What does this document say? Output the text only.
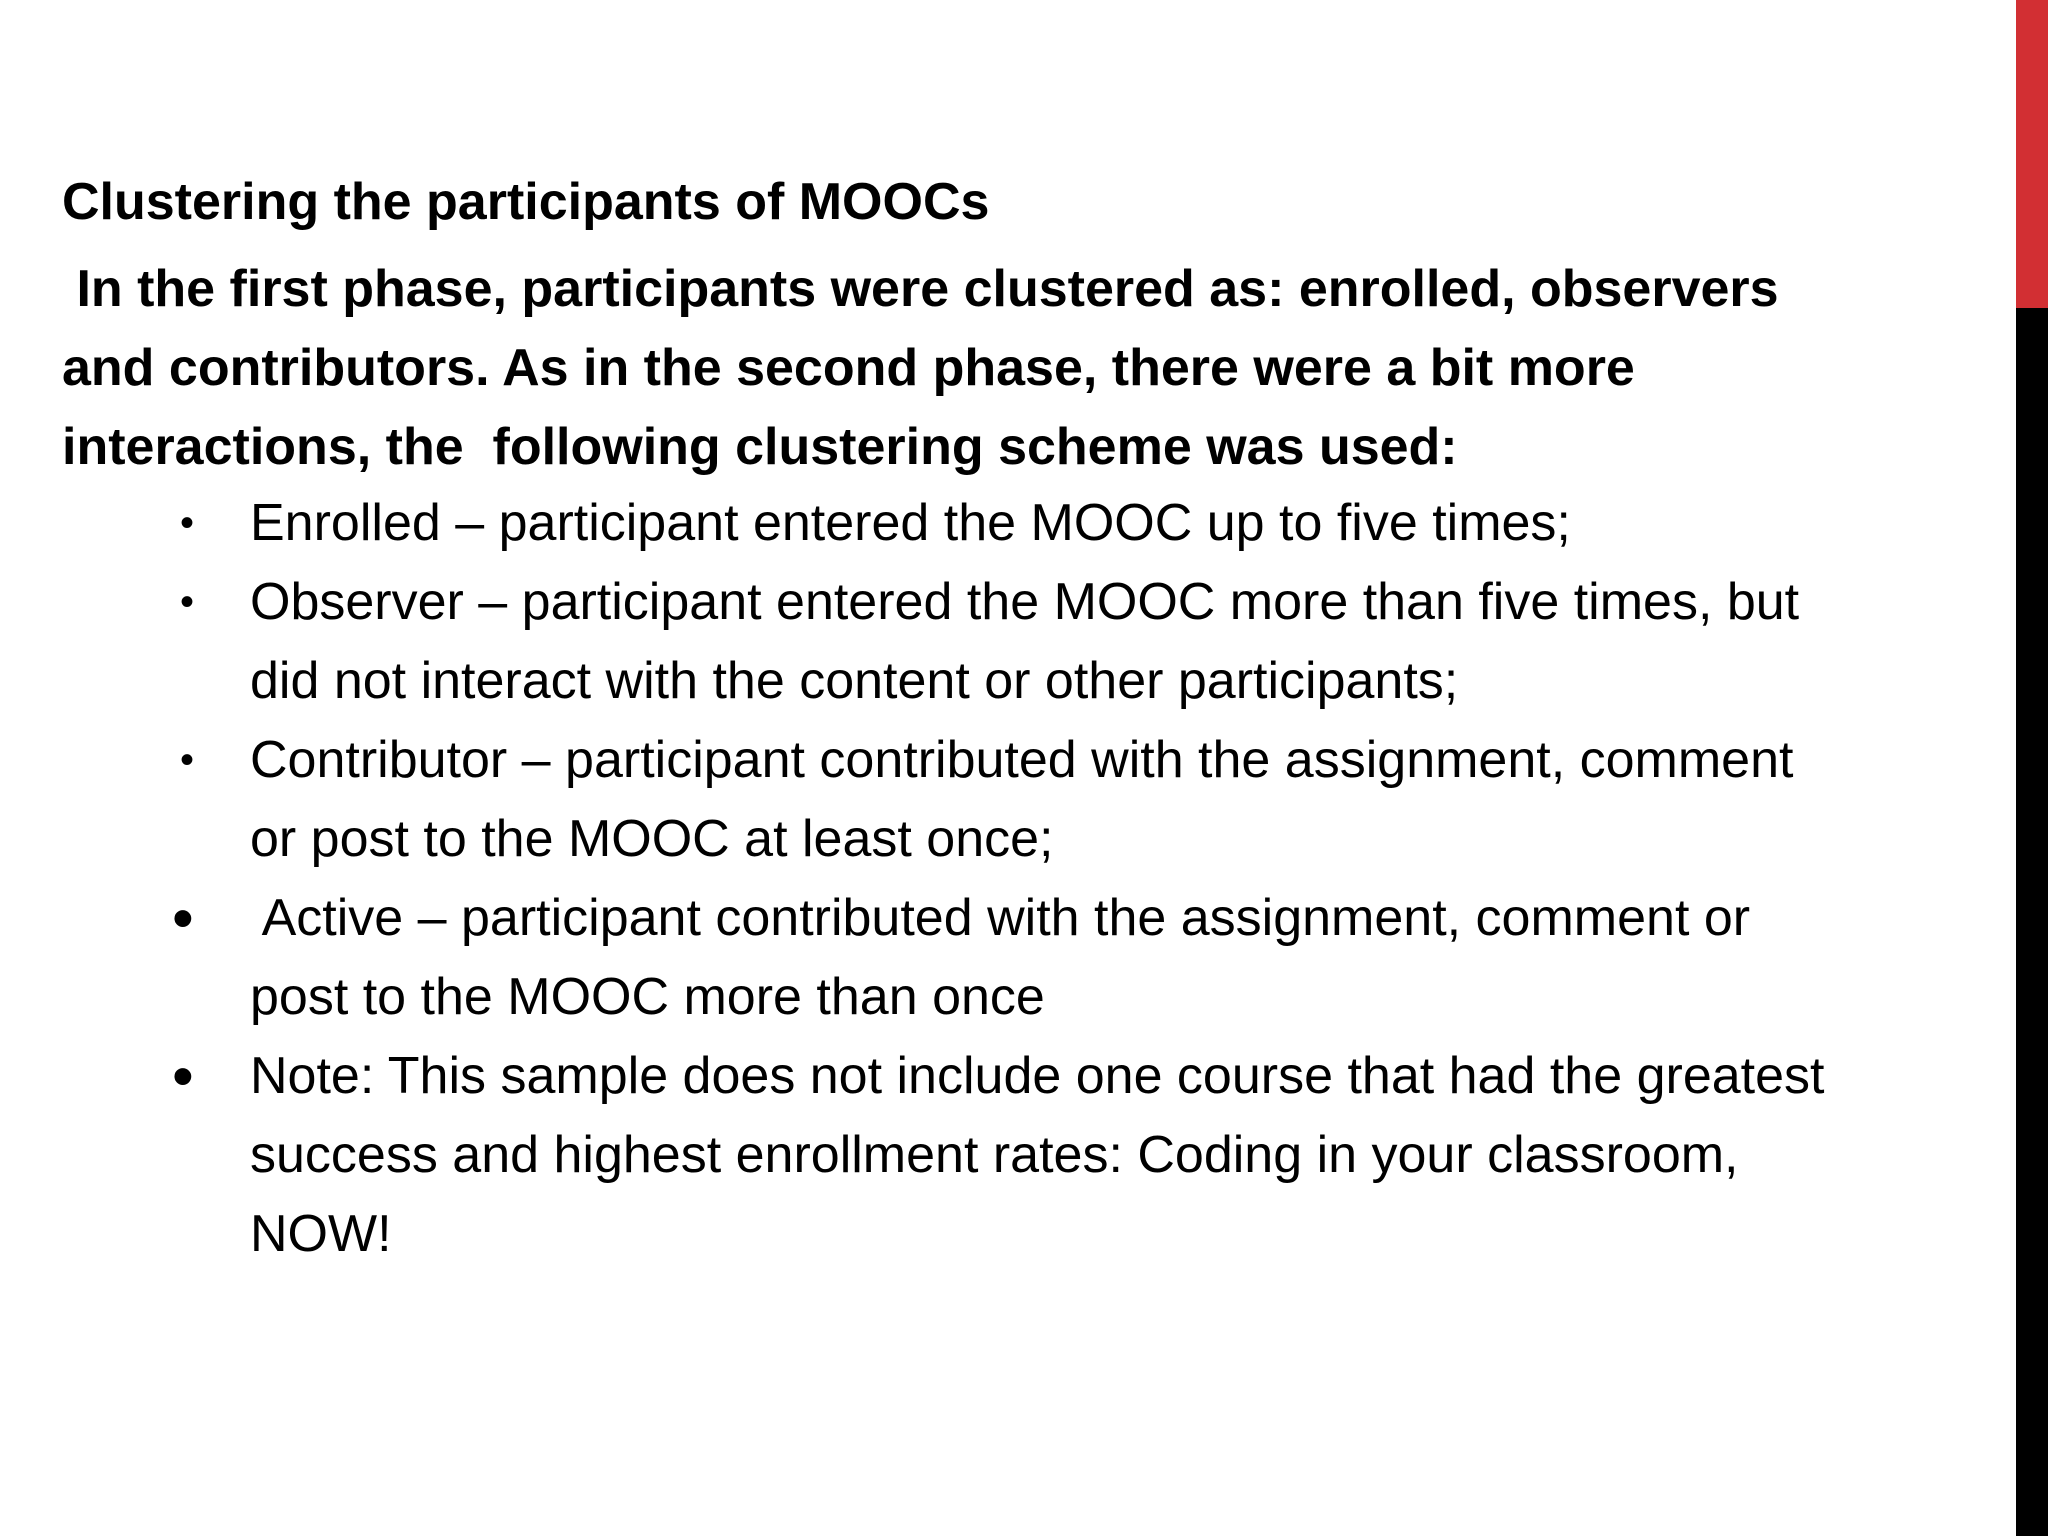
Clustering the participants of MOOCs

In the first phase, participants were clustered as: enrolled, observers
and contributors. As in the second phase, there were a bit more
interactions, the  following clustering scheme was used:

• Enrolled – participant entered the MOOC up to five times;
• Observer – participant entered the MOOC more than five times, but
did not interact with the content or other participants;
• Contributor – participant contributed with the assignment, comment
or post to the MOOC at least once;
• Active – participant contributed with the assignment, comment or
post to the MOOC more than once
• Note: This sample does not include one course that had the greatest
success and highest enrollment rates: Coding in your classroom,
NOW!
